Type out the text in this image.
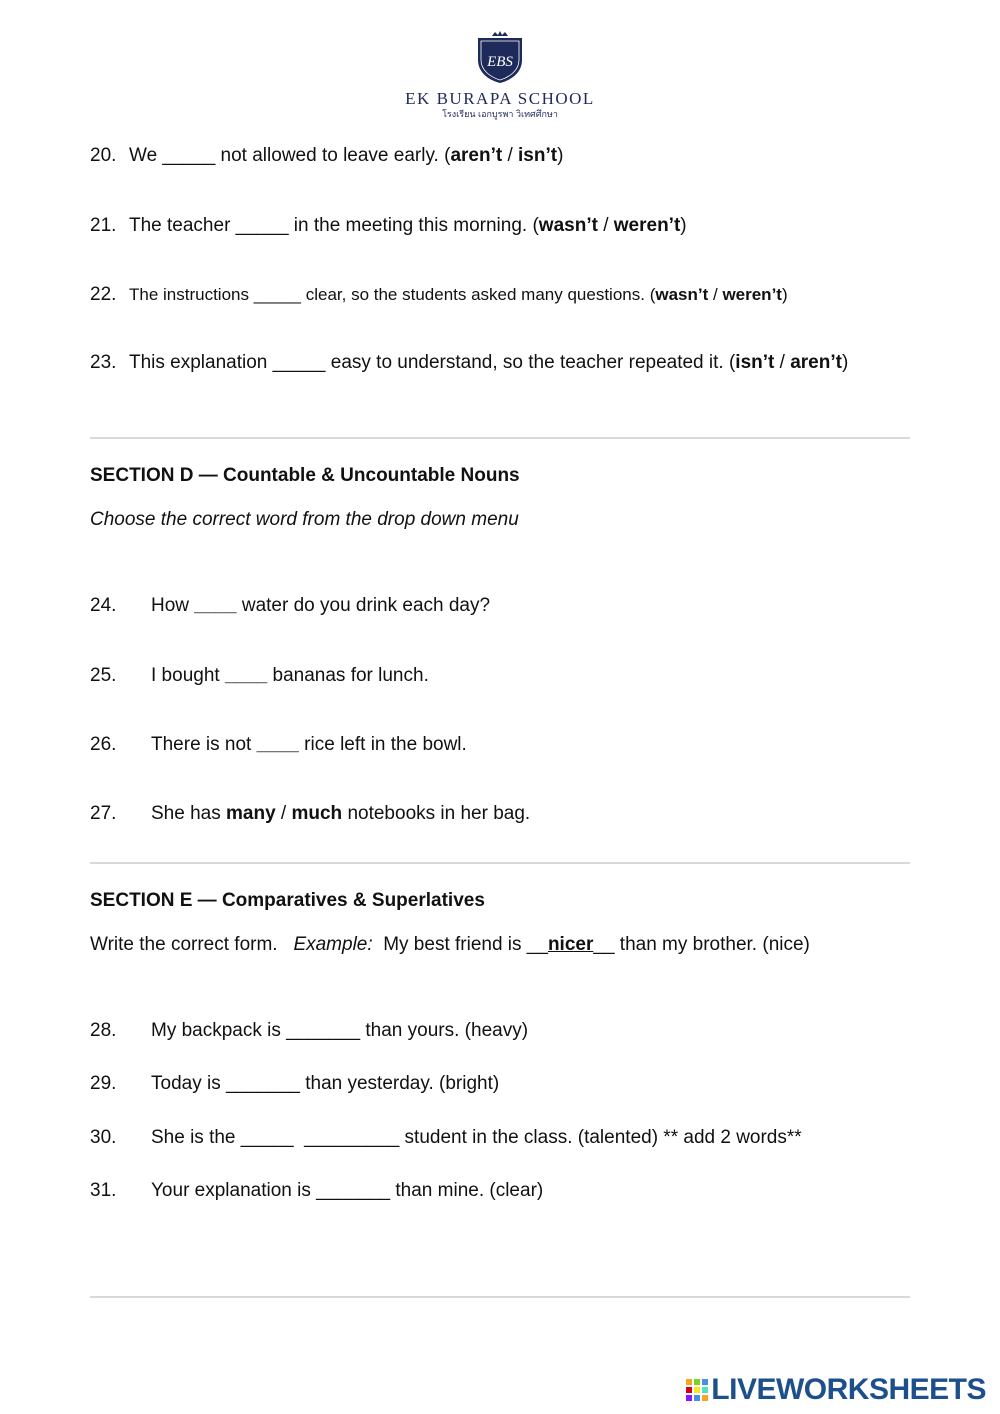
EBS
EK BURAPA SCHOOL
โรงเรียน เอกบูรพา วิเทศศึกษา
20. We _____ not allowed to leave early. (aren’t / isn’t)
21. The teacher _____ in the meeting this morning. (wasn’t / weren’t)
22. The instructions _____ clear, so the students asked many questions. (wasn’t / weren’t)
23. This explanation _____ easy to understand, so the teacher repeated it. (isn’t / aren’t)
SECTION D — Countable & Uncountable Nouns
Choose the correct word from the drop down menu
24. How ____ water do you drink each day?
25. I bought ____ bananas for lunch.
26. There is not ____ rice left in the bowl.
27. She has many / much notebooks in her bag.
SECTION E — Comparatives & Superlatives
Write the correct form. Example: My best friend is __nicer__ than my brother. (nice)
28. My backpack is _______ than yours. (heavy)
29. Today is _______ than yesterday. (bright)
30. She is the _____  _________ student in the class. (talented) ** add 2 words**
31. Your explanation is _______ than mine. (clear)
LIVEWORKSHEETS
